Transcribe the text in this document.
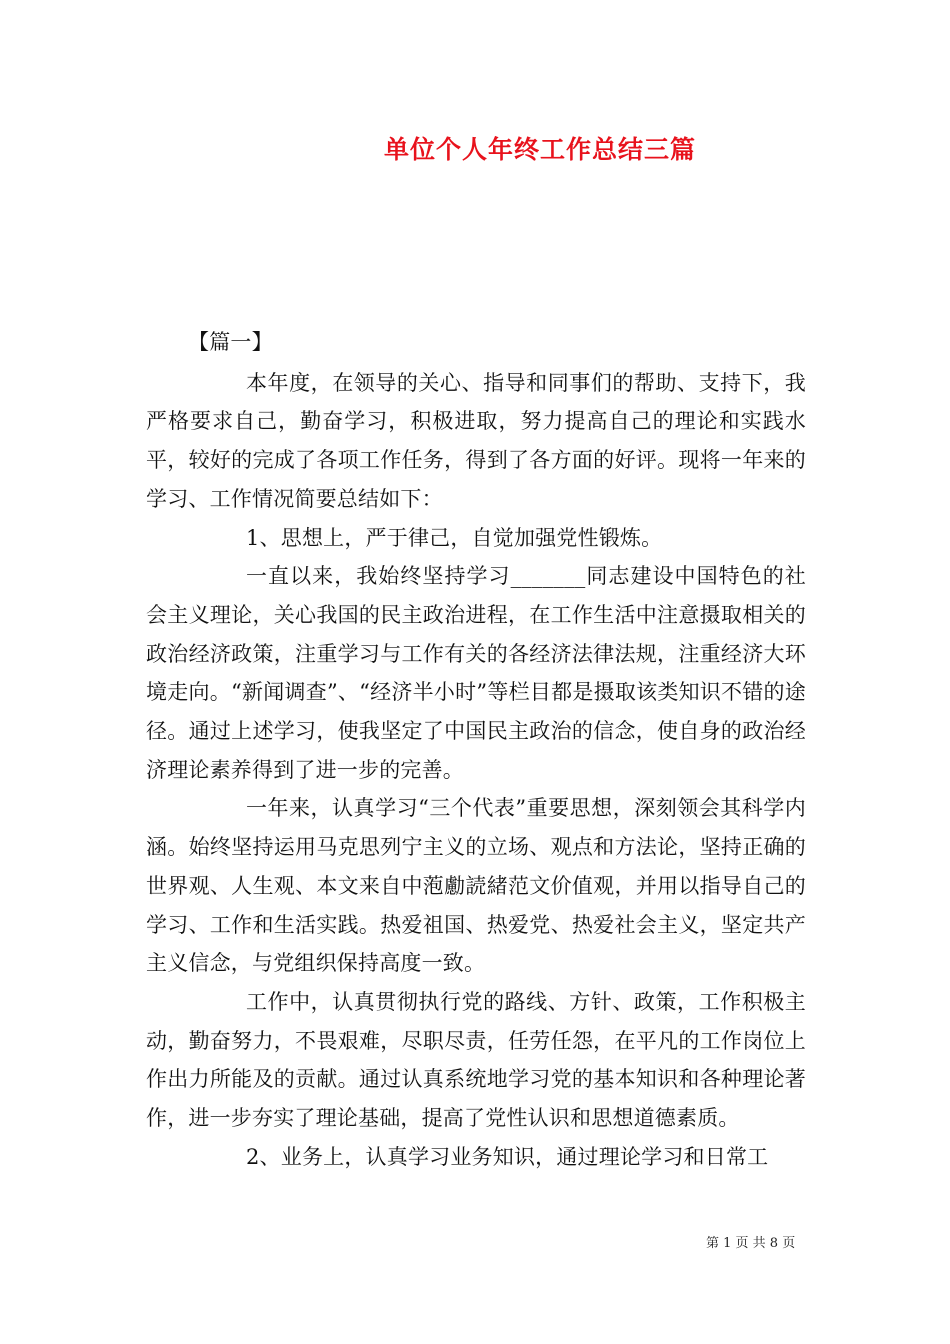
单位个人年终工作总结三篇

【篇一】

本年度，在领导的关心、指导和同事们的帮助、支持下，我严格要求自己，勤奋学习，积极进取，努力提高自己的理论和实践水平，较好的完成了各项工作任务，得到了各方面的好评。现将一年来的学习、工作情况简要总结如下：

1、思想上，严于律己，自觉加强党性锻炼。

一直以来，我始终坚持学习_______同志建设中国特色的社会主义理论，关心我国的民主政治进程，在工作生活中注意摄取相关的政治经济政策，注重学习与工作有关的各经济法律法规，注重经济大环境走向。“新闻调查”、“经济半小时”等栏目都是摄取该类知识不错的途径。通过上述学习，使我坚定了中国民主政治的信念，使自身的政治经济理论素养得到了进一步的完善。

一年来，认真学习“三个代表”重要思想，深刻领会其科学内涵。始终坚持运用马克思列宁主义的立场、观点和方法论，坚持正确的世界观、人生观、本文来自中萢勴読緒范文价值观，并用以指导自己的学习、工作和生活实践。热爱祖国、热爱党、热爱社会主义，坚定共产主义信念，与党组织保持高度一致。

工作中，认真贯彻执行党的路线、方针、政策，工作积极主动，勤奋努力，不畏艰难，尽职尽责，任劳任怨，在平凡的工作岗位上作出力所能及的贡献。通过认真系统地学习党的基本知识和各种理论著作，进一步夯实了理论基础，提高了党性认识和思想道德素质。

2、业务上，认真学习业务知识，通过理论学习和日常工

第 1 页 共 8 页
